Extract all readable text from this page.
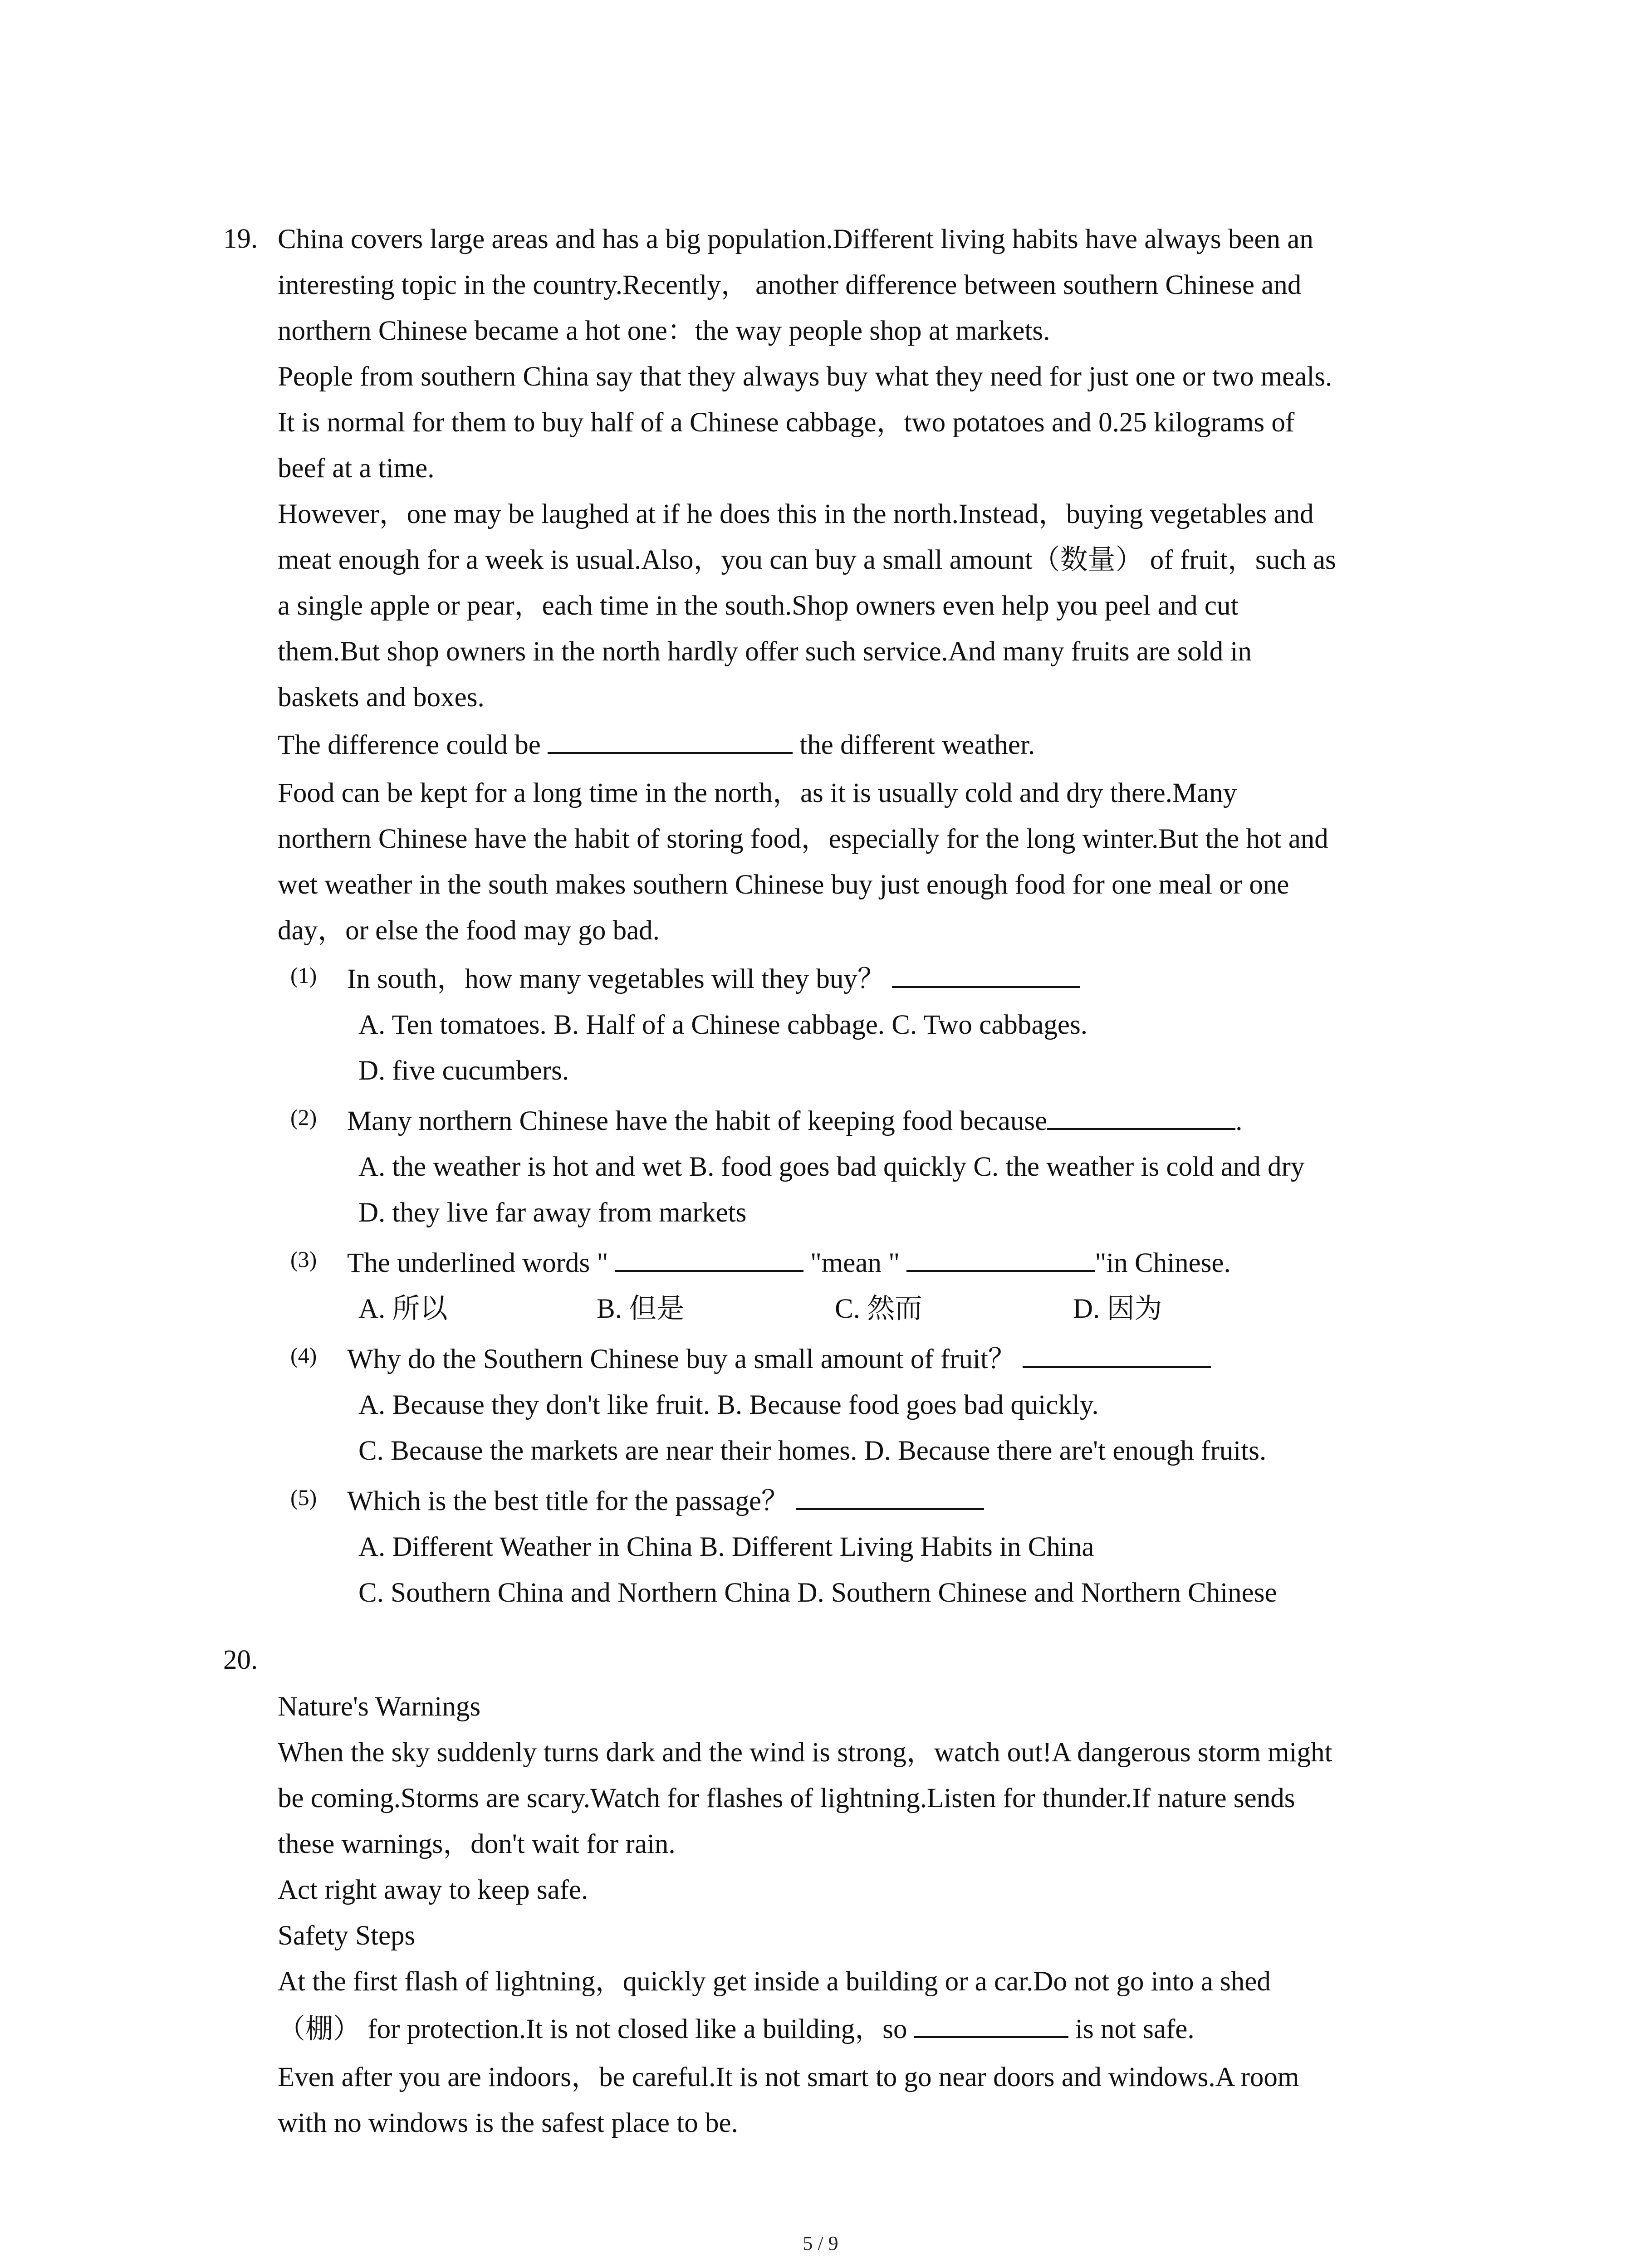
19. China covers large areas and has a big population.Different living habits have always been an
interesting topic in the country.Recently， another difference between southern Chinese and
northern Chinese became a hot one：the way people shop at markets.
People from southern China say that they always buy what they need for just one or two meals.
It is normal for them to buy half of a Chinese cabbage，two potatoes and 0.25 kilograms of
beef at a time.
However，one may be laughed at if he does this in the north.Instead，buying vegetables and
meat enough for a week is usual.Also，you can buy a small amount（数量） of fruit，such as
a single apple or pear，each time in the south.Shop owners even help you peel and cut
them.But shop owners in the north hardly offer such service.And many fruits are sold in
baskets and boxes.
The difference could be	the different weather.
Food can be kept for a long time in the north，as it is usually cold and dry there.Many
northern Chinese have the habit of storing food，especially for the long winter.But the hot and
wet weather in the south makes southern Chinese buy just enough food for one meal or one
day，or else the food may go bad.
(1) In south，how many vegetables will they buy？
A. Ten tomatoes. B. Half of a Chinese cabbage. C. Two cabbages.
D. five cucumbers.
(2) Many northern Chinese have the habit of keeping food because	.
A. the weather is hot and wet B. food goes bad quickly C. the weather is cold and dry
D. they live far away from markets
(3) The underlined words "	"mean "	"in Chinese.
A. 所以	B. 但是	C. 然而	D. 因为
(4) Why do the Southern Chinese buy a small amount of fruit？
A. Because they don't like fruit. B. Because food goes bad quickly.
C. Because the markets are near their homes. D. Because there are't enough fruits.
(5) Which is the best title for the passage？
A. Different Weather in China B. Different Living Habits in China
C. Southern China and Northern China D. Southern Chinese and Northern Chinese
20.
Nature's Warnings
When the sky suddenly turns dark and the wind is strong，watch out!A dangerous storm might
be coming.Storms are scary.Watch for flashes of lightning.Listen for thunder.If nature sends
these warnings，don't wait for rain.
Act right away to keep safe.
Safety Steps
At the first flash of lightning，quickly get inside a building or a car.Do not go into a shed
（棚） for protection.It is not closed like a building，so	is not safe.
Even after you are indoors，be careful.It is not smart to go near doors and windows.A room
with no windows is the safest place to be.
5 / 9
